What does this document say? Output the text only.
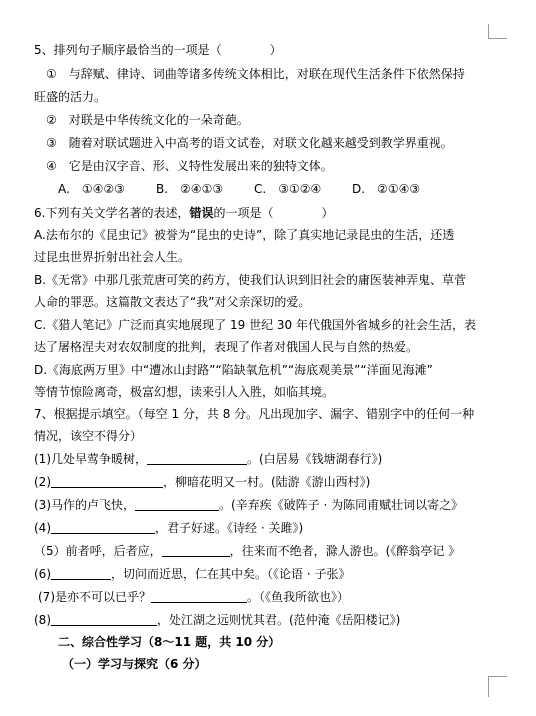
5、排列句子顺序最恰当的一项是（　　　　）
①　与辞赋、律诗、词曲等诸多传统文体相比，对联在现代生活条件下依然保持
旺盛的活力。
②　对联是中华传统文化的一朵奇葩。
③　随着对联试题进入中高考的语文试卷，对联文化越来越受到教学界重视。
④　它是由汉字音、形、义特性发展出来的独特文体。
A.　①④②③	B.　②④①③	C.　③①②④	D.　②①④③
6.下列有关文学名著的表述，错误的一项是（　　　　）
A.法布尔的《昆虫记》被誉为“昆虫的史诗”，除了真实地记录昆虫的生活，还透
过昆虫世界折射出社会人生。
B.《无常》中那几张荒唐可笑的药方，使我们认识到旧社会的庸医装神弄鬼、草菅
人命的罪恶。这篇散文表达了“我”对父亲深切的爱。
C.《猎人笔记》广泛而真实地展现了 19 世纪 30 年代俄国外省城乡的社会生活，表
达了屠格涅夫对农奴制度的批判，表现了作者对俄国人民与自然的热爱。
D.《海底两万里》中“遭冰山封路”“陷缺氧危机”“海底观美景”“洋面见海滩”
等情节惊险离奇，极富幻想，读来引人入胜，如临其境。
7、根据提示填空。（每空 1 分，共 8 分。凡出现加字、漏字、错别字中的任何一种
情况，该空不得分）
(1)几处早莺争暖树，	。(白居易《钱塘湖春行》)
(2)	，柳暗花明又一村。(陆游《游山西村》)
(3)马作的卢飞快，	。(辛弃疾《破阵子 · 为陈同甫赋壮词以寄之》
(4)	，君子好逑。《诗经 · 关雎》)
（5）前者呼，后者应，	，往来而不绝者，滁人游也。(《醉翁亭记 》
(6)	，切问而近思，仁在其中矣。（《论语 · 子张》
(7)是亦不可以已乎？	。（《鱼我所欲也》）
(8)	，处江湖之远则忧其君。(范仲淹《岳阳楼记》)
二、综合性学习（8～11 题，共 10 分）
（一）学习与探究（6 分）
